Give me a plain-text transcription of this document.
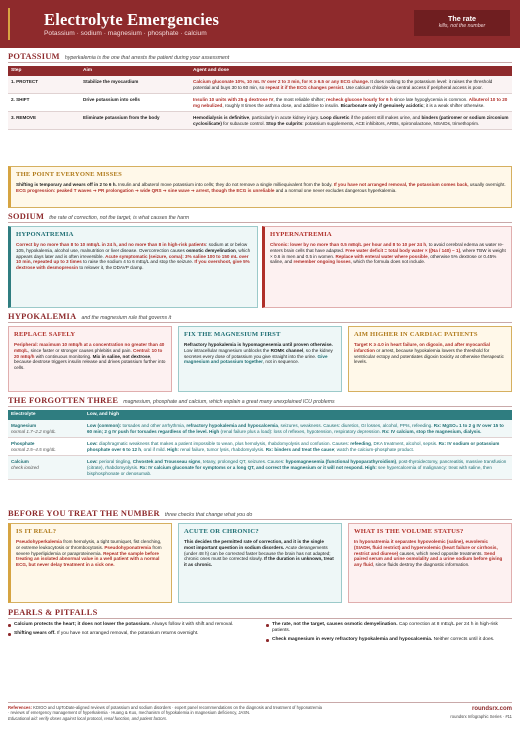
Electrolyte Emergencies
Potassium · sodium · magnesium · phosphate · calcium
The rate
kills, not the number
POTASSIUM hyperkalemia is the one that arrests the patient during your assessment
Step	Aim	Agent and dose
1. PROTECT	Stabilize the myocardium	Calcium gluconate 10%, 10 mL IV over 2 to 3 min, for K ≥ 6.5 or any ECG change. It does nothing to the potassium level: it raises the threshold potential and buys 30 to 60 min, so repeat it if the ECG changes persist. Use calcium chloride via central access if peripheral access is poor.
2. SHIFT	Drive potassium into cells	Insulin 10 units with 25 g dextrose IV, the most reliable shifter; recheck glucose hourly for 6 h since late hypoglycemia is common. Albuterol 10 to 20 mg nebulized, roughly 8 times the asthma dose, and additive to insulin. Bicarbonate only if genuinely acidotic; it is a weak shifter otherwise.
3. REMOVE	Eliminate potassium from the body	Hemodialysis is definitive, particularly in acute kidney injury. Loop diuretic if the patient still makes urine, and binders (patiromer or sodium zirconium cyclosilicate) for subacute control. Stop the culprits: potassium supplements, ACE inhibitors, ARBs, spironolactone, NSAIDs, trimethoprim.
THE POINT EVERYONE MISSES
Shifting is temporary and wears off in 2 to 6 h. Insulin and albuterol move potassium into cells; they do not remove a single milliequivalent from the body. If you have not arranged removal, the potassium comes back, usually overnight. ECG progression: peaked T waves ➔ PR prolongation ➔ wide QRS ➔ sine wave ➔ arrest, though the ECG is unreliable and a normal one never excludes dangerous hyperkalemia.
SODIUM the rate of correction, not the target, is what causes the harm
HYPONATREMIA
Correct by no more than 8 to 10 mEq/L in 24 h, and no more than 8 in high-risk patients: sodium at or below 105, hypokalemia, alcohol use, malnutrition or liver disease. Overcorrection causes osmotic demyelination, which appears days later and is often irreversible. Acute symptomatic (seizure, coma): 3% saline 100 to 150 mL over 10 min, repeated up to 3 times to raise the sodium 4 to 6 mEq/L and stop the seizure. If you overshoot, give 5% dextrose with desmopressin to relower it, the DDAVP clamp.
HYPERNATREMIA
Chronic: lower by no more than 0.5 mEq/L per hour and 8 to 10 per 24 h, to avoid cerebral edema as water re-enters brain cells that have adapted. Free water deficit = total body water × ((Na / 140) − 1), where TBW is weight × 0.6 in men and 0.5 in women. Replace with enteral water where possible, otherwise 5% dextrose or 0.45% saline, and remember ongoing losses, which the formula does not include.
HYPOKALEMIA and the magnesium rule that governs it
REPLACE SAFELY
Peripheral: maximum 10 mEq/h at a concentration no greater than 40 mEq/L, since faster or stronger causes phlebitis and pain. Central: 10 to 20 mEq/h with continuous monitoring. Mix in saline, not dextrose, because dextrose triggers insulin release and drives potassium further into cells.
FIX THE MAGNESIUM FIRST
Refractory hypokalemia is hypomagnesemia until proven otherwise. Low intracellular magnesium unblocks the ROMK channel, so the kidney secretes every dose of potassium you give straight into the urine. Give magnesium and potassium together, not in sequence.
AIM HIGHER IN CARDIAC PATIENTS
Target K ≥ 4.0 in heart failure, on digoxin, and after myocardial infarction or arrest, because hypokalemia lowers the threshold for ventricular ectopy and potentiates digoxin toxicity at otherwise therapeutic levels.
THE FORGOTTEN THREE magnesium, phosphate and calcium, which explain a great many unexplained ICU problems
Electrolyte	Low, and high

Magnesium
normal 1.7–2.2 mg/dL	Low (common): torsades and other arrhythmia, refractory hypokalemia and hypocalcemia, seizures, weakness. Causes: diuretics, GI losses, alcohol, PPIs, refeeding. Rx: MgSO₄ 1 to 2 g IV over 15 to 60 min; 2 g IV push for torsades regardless of the level. High (renal failure plus a load): loss of reflexes, hypotension, respiratory depression. Rx: IV calcium, stop the magnesium, dialysis.

Phosphate
normal 2.5–4.5 mg/dL	Low: diaphragmatic weakness that makes a patient impossible to wean, plus hemolysis, rhabdomyolysis and confusion. Causes: refeeding, DKA treatment, alcohol, sepsis. Rx: IV sodium or potassium phosphate over 6 to 12 h, oral if mild. High: renal failure, tumor lysis, rhabdomyolysis. Rx: binders and treat the cause; watch the calcium-phosphate product.

Calcium
check ionized	Low: perioral tingling, Chvostek and Trousseau signs, tetany, prolonged QT, seizures. Causes: hypomagnesemia (functional hypoparathyroidism), post-thyroidectomy, pancreatitis, massive transfusion (citrate), rhabdomyolysis. Rx: IV calcium gluconate for symptoms or a long QT, and correct the magnesium or it will not respond. High: see hypercalcemia of malignancy: treat with saline, then bisphosphonate or denosumab.
BEFORE YOU TREAT THE NUMBER three checks that change what you do
IS IT REAL?
Pseudohyperkalemia from hemolysis, a tight tourniquet, fist clenching, or extreme leukocytosis or thrombocytosis. Pseudohyponatremia from severe hyperlipidemia or paraproteinemia. Repeat the sample before treating an isolated abnormal value in a well patient with a normal ECG, but never delay treatment in a sick one.
ACUTE OR CHRONIC?
This decides the permitted rate of correction, and it is the single most important question in sodium disorders. Acute derangements (under 48 h) can be corrected faster because the brain has not adapted; chronic ones must be corrected slowly. If the duration is unknown, treat it as chronic.
WHAT IS THE VOLUME STATUS?
In hyponatremia it separates hypovolemic (saline), euvolemic (SIADH, fluid restrict) and hypervolemic (heart failure or cirrhosis, restrict and diurese) causes, which need opposite treatments. Send paired serum and urine osmolality and a urine sodium before giving any fluid, since fluids destroy the diagnostic information.
PEARLS & PITFALLS
Calcium protects the heart; it does not lower the potassium. Always follow it with shift and removal.
Shifting wears off. If you have not arranged removal, the potassium returns overnight.
The rate, not the target, causes osmotic demyelination. Cap correction at 8 mEq/L per 24 h in high-risk patients.
Check magnesium in every refractory hypokalemia and hypocalcemia. Neither corrects until it does.
References: KDIGO and UpToDate-aligned reviews of potassium and sodium disorders · expert panel recommendations on the diagnosis and treatment of hyponatremia
· reviews of emergency management of hyperkalemia · Huang & Kuo, mechanism of hypokalemia in magnesium deficiency, JASN.
Educational aid: verify doses against local protocol, renal function, and patient factors.
roundsrx.com
roundsrx Infographic Series · #11
